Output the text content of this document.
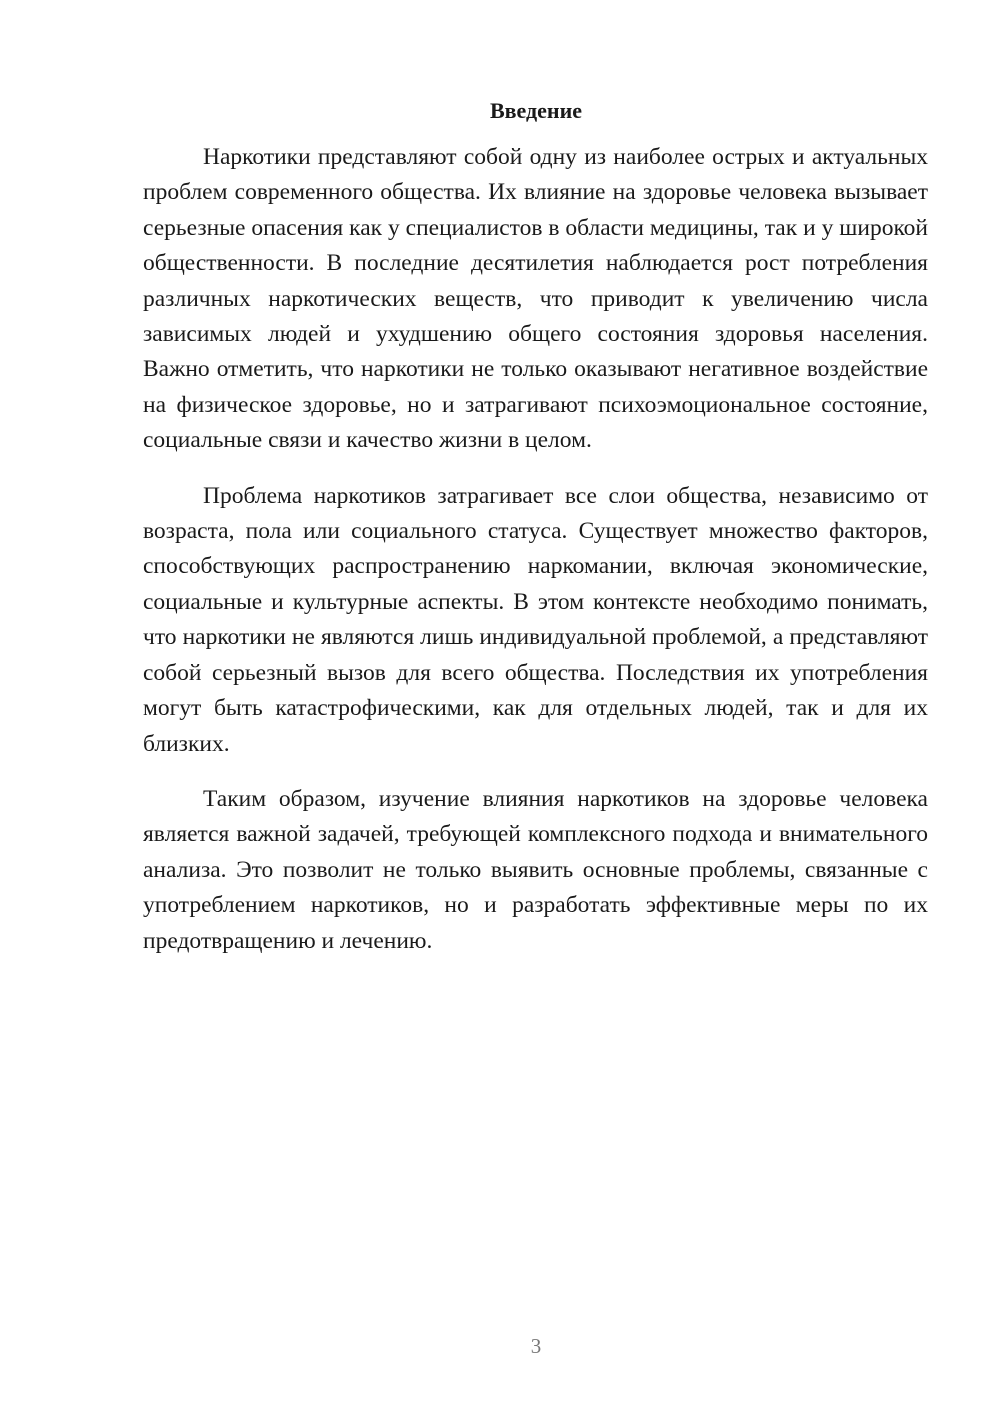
Введение

Наркотики представляют собой одну из наиболее острых и актуальных проблем современного общества. Их влияние на здоровье человека вызывает серьезные опасения как у специалистов в области медицины, так и у широкой общественности. В последние десятилетия наблюдается рост потребления различных наркотических веществ, что приводит к увеличению числа зависимых людей и ухудшению общего состояния здоровья населения. Важно отметить, что наркотики не только оказывают негативное воздействие на физическое здоровье, но и затрагивают психоэмоциональное состояние, социальные связи и качество жизни в целом.

Проблема наркотиков затрагивает все слои общества, независимо от возраста, пола или социального статуса. Существует множество факторов, способствующих распространению наркомании, включая экономические, социальные и культурные аспекты. В этом контексте необходимо понимать, что наркотики не являются лишь индивидуальной проблемой, а представляют собой серьезный вызов для всего общества. Последствия их употребления могут быть катастрофическими, как для отдельных людей, так и для их близких.

Таким образом, изучение влияния наркотиков на здоровье человека является важной задачей, требующей комплексного подхода и внимательного анализа. Это позволит не только выявить основные проблемы, связанные с употреблением наркотиков, но и разработать эффективные меры по их предотвращению и лечению.

3
